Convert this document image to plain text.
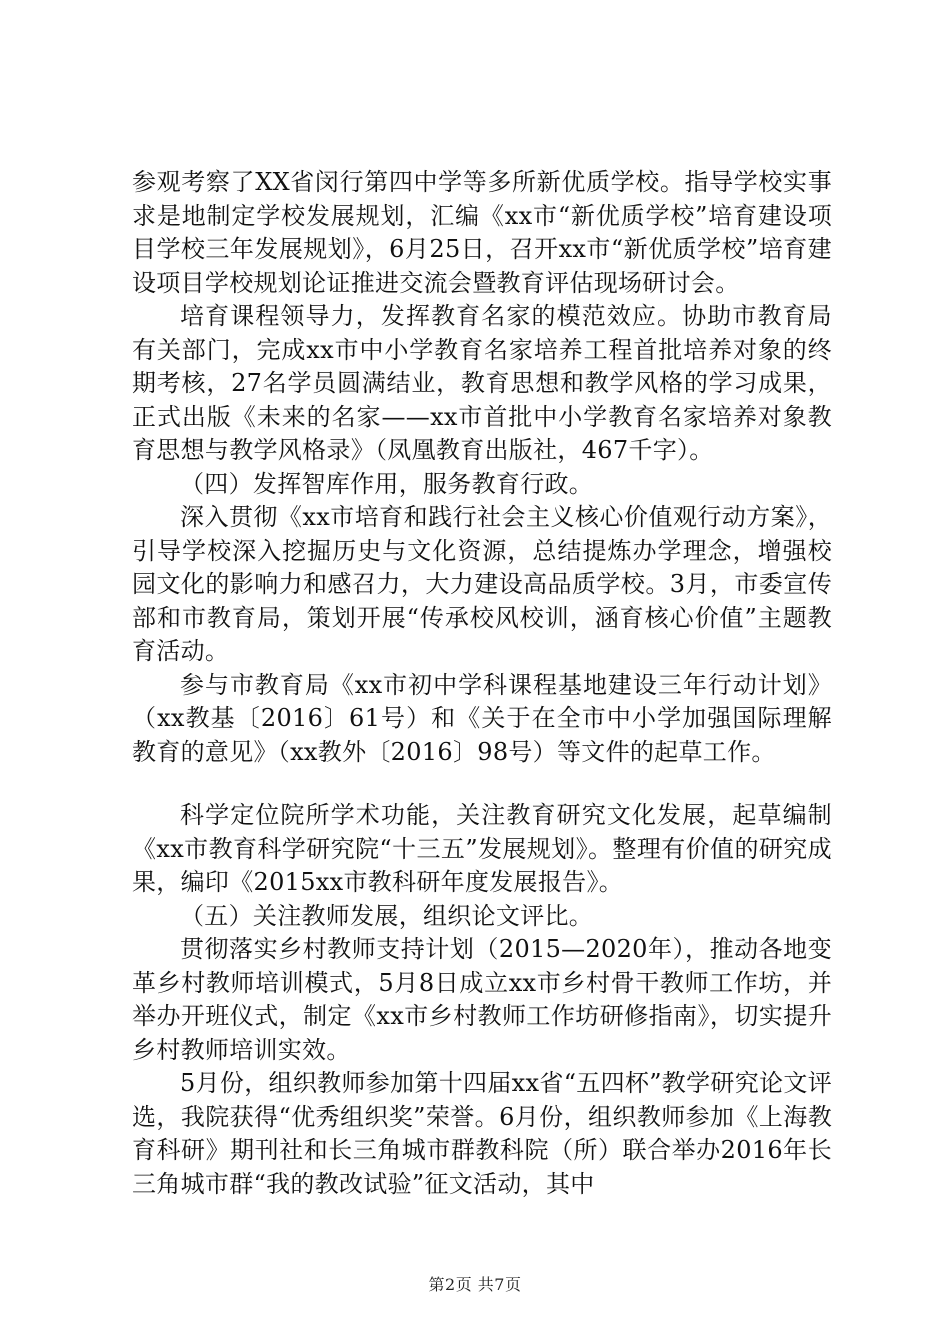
参观考察了XX省闵行第四中学等多所新优质学校。指导学校实事求是地制定学校发展规划，汇编《xx市“新优质学校”培育建设项目学校三年发展规划》，6月25日，召开xx市“新优质学校”培育建设项目学校规划论证推进交流会暨教育评估现场研讨会。

培育课程领导力，发挥教育名家的模范效应。协助市教育局有关部门，完成xx市中小学教育名家培养工程首批培养对象的终期考核，27名学员圆满结业，教育思想和教学风格的学习成果，正式出版《未来的名家——xx市首批中小学教育名家培养对象教育思想与教学风格录》（凤凰教育出版社，467千字）。

（四）发挥智库作用，服务教育行政。

深入贯彻《xx市培育和践行社会主义核心价值观行动方案》，引导学校深入挖掘历史与文化资源，总结提炼办学理念，增强校园文化的影响力和感召力，大力建设高品质学校。3月，市委宣传部和市教育局，策划开展“传承校风校训，涵育核心价值”主题教育活动。

参与市教育局《xx市初中学科课程基地建设三年行动计划》（xx教基〔2016〕61号）和《关于在全市中小学加强国际理解教育的意见》（xx教外〔2016〕98号）等文件的起草工作。

科学定位院所学术功能，关注教育研究文化发展，起草编制《xx市教育科学研究院“十三五”发展规划》。整理有价值的研究成果，编印《2015xx市教科研年度发展报告》。

（五）关注教师发展，组织论文评比。

贯彻落实乡村教师支持计划（2015—2020年），推动各地变革乡村教师培训模式，5月8日成立xx市乡村骨干教师工作坊，并举办开班仪式，制定《xx市乡村教师工作坊研修指南》，切实提升乡村教师培训实效。

5月份，组织教师参加第十四届xx省“五四杯”教学研究论文评选，我院获得“优秀组织奖”荣誉。6月份，组织教师参加《上海教育科研》期刊社和长三角城市群教科院（所）联合举办2016年长三角城市群“我的教改试验”征文活动，其中

第2页 共7页
